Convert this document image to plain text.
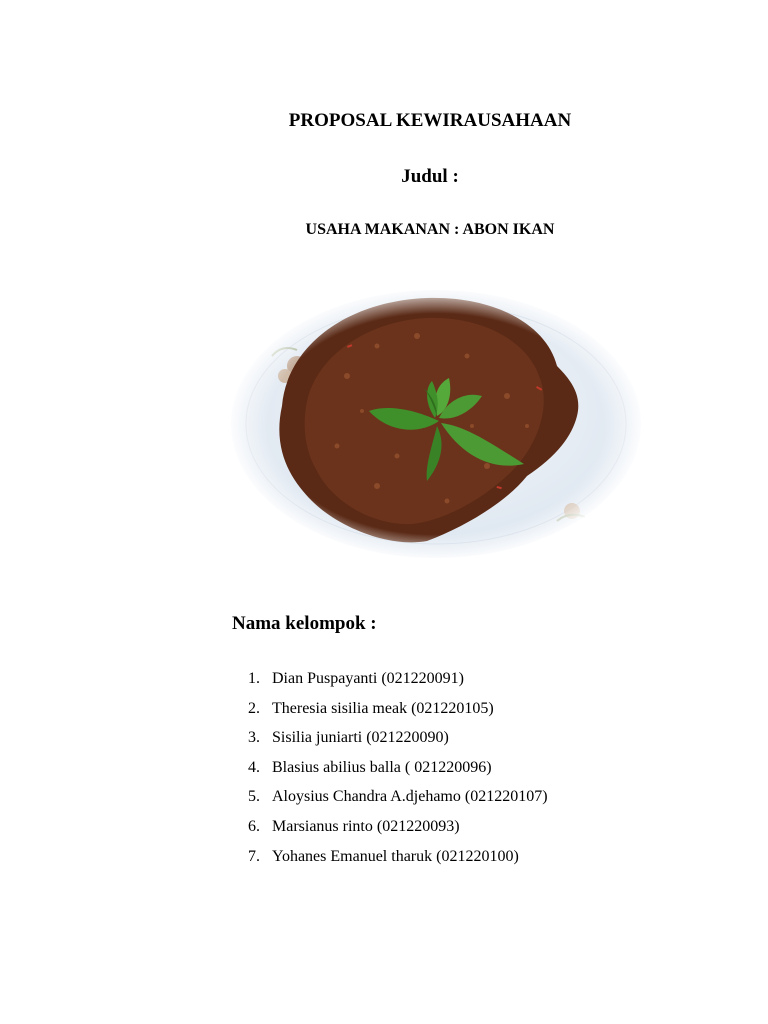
PROPOSAL KEWIRAUSAHAAN
Judul :
USAHA MAKANAN : ABON IKAN
Nama kelompok :
1. Dian Puspayanti (021220091)
2. Theresia sisilia meak (021220105)
3. Sisilia juniarti (021220090)
4. Blasius abilius balla ( 021220096)
5. Aloysius Chandra A.djehamo (021220107)
6. Marsianus rinto (021220093)
7. Yohanes Emanuel tharuk (021220100)
